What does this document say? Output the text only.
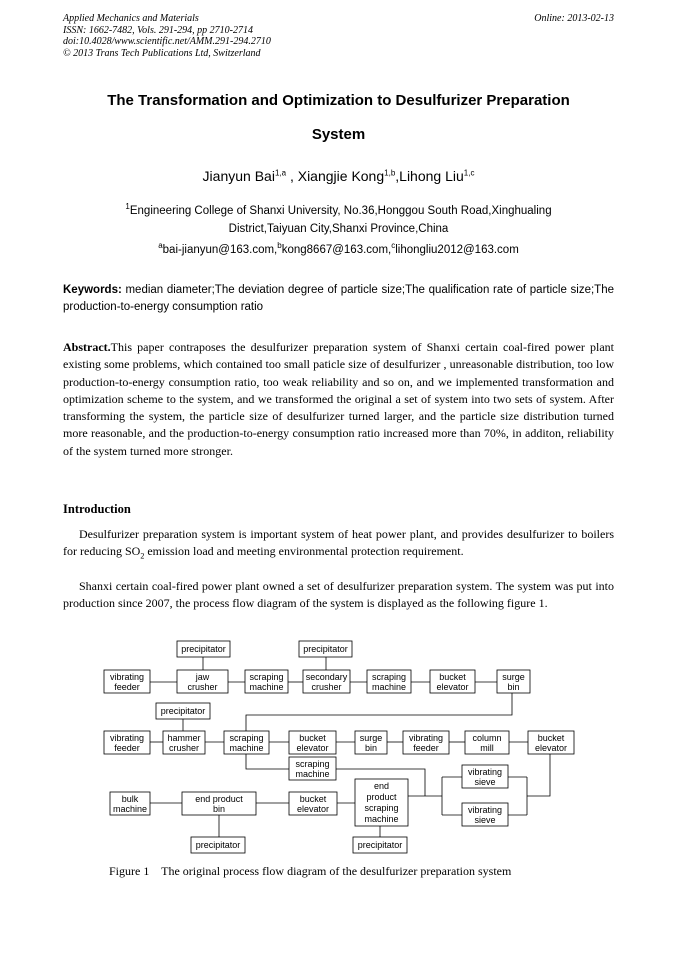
Applied Mechanics and Materials
ISSN: 1662-7482, Vols. 291-294, pp 2710-2714
doi:10.4028/www.scientific.net/AMM.291-294.2710
© 2013 Trans Tech Publications Ltd, Switzerland
Online: 2013-02-13
The Transformation and Optimization to Desulfurizer Preparation
System
Jianyun Bai$^{1,a}$ , Xiangjie Kong$^{1,b}$,Lihong Liu$^{1,c}$
$^1$Engineering College of Shanxi University, No.36,Honggou South Road,Xinghualing
District,Taiyuan City,Shanxi Province,China
$^a$bai-jianyun@163.com,$^b$kong8667@163.com,$^c$lihongliu2012@163.com
Keywords: median diameter;The deviation degree of particle size;The qualification rate of particle size;The production-to-energy consumption ratio
Abstract.This paper contraposes the desulfurizer preparation system of Shanxi certain coal-fired power plant existing some problems, which contained too small paticle size of desulfurizer , unreasonable distribution, too low production-to-energy consumption ratio, too weak reliability and so on, and we implemented transformation and optimization scheme to the system, and we transformed the original a set of system into two sets of system. After transforming the system, the particle size of desulfurizer turned larger, and the particle size distribution turned more reasonable, and the production-to-energy consumption ratio increased more than 70%, in additon, reliability of the system turned more stronger.
Introduction

Desulfurizer preparation system is important system of heat power plant, and provides desulfurizer to boilers for reducing $SO_2$ emission load and meeting environmental protection requirement.

Shanxi certain coal-fired power plant owned a set of desulfurizer preparation system. The system was put into production since 2007, the process flow diagram of the system is displayed as the following figure 1.

precipitator	precipitator
vibrating
feeder
jaw
crusher
scraping
machine
secondary
crusher
scraping
machine
bucket
elevator
surge
bin
precipitator
vibrating
feeder
hammer
crusher
scraping
machine
bucket
elevator
surge
bin
vibrating
feeder
column
mill
bucket
elevator
scraping
machine	vibrating
sieve
bulk
machine
end product
bin
bucket
elevator
end
product
scraping
machine
vibrating
sieve
precipitator	precipitator
Figure 1    The original process flow diagram of the desulfurizer preparation system
